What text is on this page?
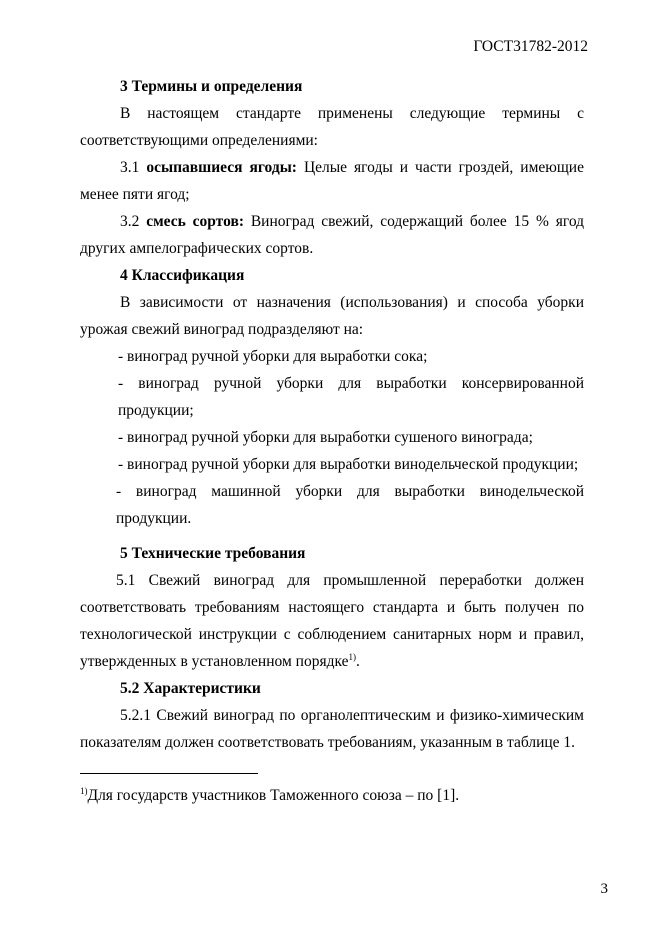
ГОСТ31782-2012

3 Термины и определения

В настоящем стандарте применены следующие термины с соответствующими определениями:

3.1 осыпавшиеся ягоды: Целые ягоды и части гроздей, имеющие менее пяти ягод;

3.2 смесь сортов: Виноград свежий, содержащий более 15 % ягод других ампелографических сортов.

4 Классификация

В зависимости от назначения (использования) и способа уборки урожая свежий виноград подразделяют на:

- виноград ручной уборки для выработки сока;

- виноград ручной уборки для выработки консервированной продукции;

- виноград ручной уборки для выработки сушеного винограда;

- виноград ручной уборки для выработки винодельческой продукции;

- виноград машинной уборки для выработки винодельческой продукции.

5 Технические требования

5.1 Свежий виноград для промышленной переработки должен соответствовать требованиям настоящего стандарта и быть получен по технологической инструкции с соблюдением санитарных норм и правил, утвержденных в установленном порядке$^{1)}$.

5.2 Характеристики

5.2.1 Свежий виноград по органолептическим и физико-химическим показателям должен соответствовать требованиям, указанным в таблице 1.

$^{1)}$Для государств участников Таможенного союза – по [1].
3
